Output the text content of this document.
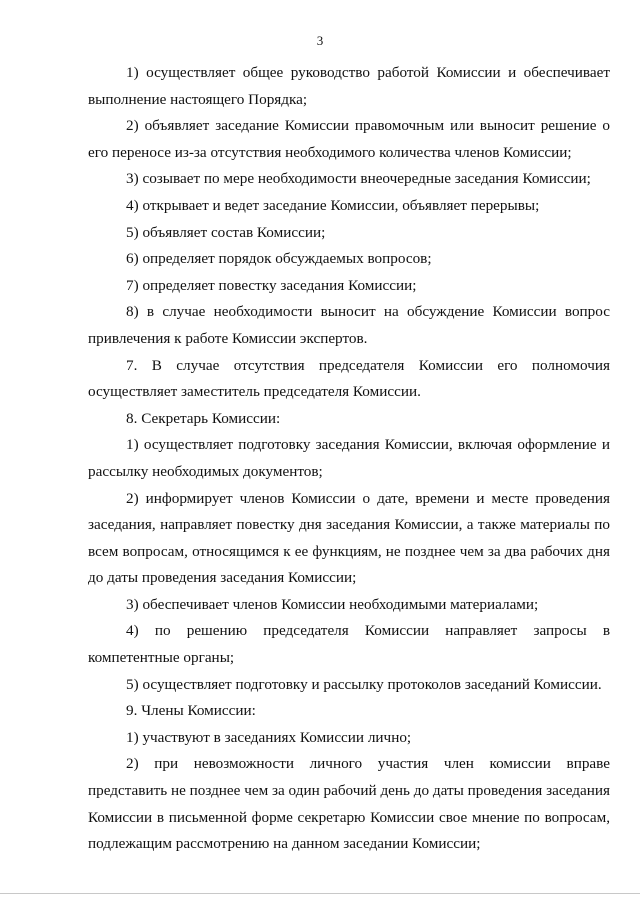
3

1) осуществляет общее руководство работой Комиссии и обеспечивает выполнение настоящего Порядка;

2) объявляет заседание Комиссии правомочным или выносит решение о его переносе из-за отсутствия необходимого количества членов Комиссии;

3) созывает по мере необходимости внеочередные заседания Комиссии;

4) открывает и ведет заседание Комиссии, объявляет перерывы;

5) объявляет состав Комиссии;

6) определяет порядок обсуждаемых вопросов;

7) определяет повестку заседания Комиссии;

8) в случае необходимости выносит на обсуждение Комиссии вопрос привлечения к работе Комиссии экспертов.

7. В случае отсутствия председателя Комиссии его полномочия осуществляет заместитель председателя Комиссии.

8. Секретарь Комиссии:

1) осуществляет подготовку заседания Комиссии, включая оформление и рассылку необходимых документов;

2) информирует членов Комиссии о дате, времени и месте проведения заседания, направляет повестку дня заседания Комиссии, а также материалы по всем вопросам, относящимся к ее функциям, не позднее чем за два рабочих дня до даты проведения заседания Комиссии;

3) обеспечивает членов Комиссии необходимыми материалами;

4) по решению председателя Комиссии направляет запросы в компетентные органы;

5) осуществляет подготовку и рассылку протоколов заседаний Комиссии.

9. Члены Комиссии:

1) участвуют в заседаниях Комиссии лично;

2) при невозможности личного участия член комиссии вправе представить не позднее чем за один рабочий день до даты проведения заседания Комиссии в письменной форме секретарю Комиссии свое мнение по вопросам, подлежащим рассмотрению на данном заседании Комиссии;
